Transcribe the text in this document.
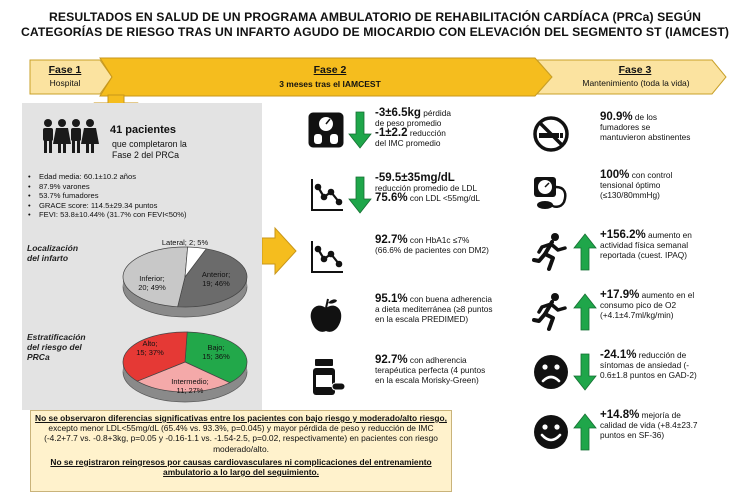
RESULTADOS EN SALUD DE UN PROGRAMA AMBULATORIO DE REHABILITACIÓN CARDÍACA (PRCa) SEGÚN
CATEGORÍAS DE RIESGO TRAS UN INFARTO AGUDO DE MIOCARDIO CON ELEVACIÓN DEL SEGMENTO ST (IAMCEST)
Fase 1
Hospital
Fase 2
3 meses tras el IAMCEST
Fase 3
Mantenimiento (toda la vida)
41 pacientes
que completaron la
Fase 2 del PRCa
• Edad media: 60.1±10.2 años
• 87.9% varones
• 53.7% fumadores
• GRACE score: 114.5±29.34 puntos
• FEVI: 53.8±10.44% (31.7% con FEVI<50%)
Localización
del infarto
Anterior;
19; 46%
Inferior;
20; 49%
Lateral; 2; 5%
Estratificación
del riesgo del
PRCa
Bajo;
15; 36%
Intermedio;
11; 27%
Alto;
15; 37%
-3±6.5kg pérdida
de peso promedio
-1±2.2 reducción
del IMC promedio
-59.5±35mg/dL
reducción promedio de LDL
75.6% con LDL <55mg/dL
92.7% con HbA1c ≤7%
(66.6% de pacientes con DM2)
95.1% con buena adherencia
a dieta mediterránea (≥8 puntos
en la escala PREDIMED)
92.7% con adherencia
terapéutica perfecta (4 puntos
en la escala Morisky-Green)
90.9% de los
fumadores se
mantuvieron abstinentes
100% con control
tensional óptimo
(≤130/80mmHg)
+156.2% aumento en
actividad física semanal
reportada (cuest. IPAQ)
+17.9% aumento en el
consumo pico de O2
(+4.1±4.7ml/kg/min)
-24.1% reducción de
síntomas de ansiedad (-
0.6±1.8 puntos en GAD-2)
+14.8% mejoría de
calidad de vida (+8.4±23.7
puntos en SF-36)
No se observaron diferencias significativas entre los pacientes con bajo riesgo y moderado/alto riesgo, excepto menor LDL<55mg/dL (65.4% vs. 93.3%, p=0.045) y mayor pérdida de peso y reducción de IMC (-4.2+7.7 vs. -0.8+3kg, p=0.05 y -0.16-1.1 vs. -1.54-2.5, p=0.02, respectivamente) en pacientes con riesgo moderado/alto.
No se registraron reingresos por causas cardiovasculares ni complicaciones del entrenamiento ambulatorio a lo largo del seguimiento.
